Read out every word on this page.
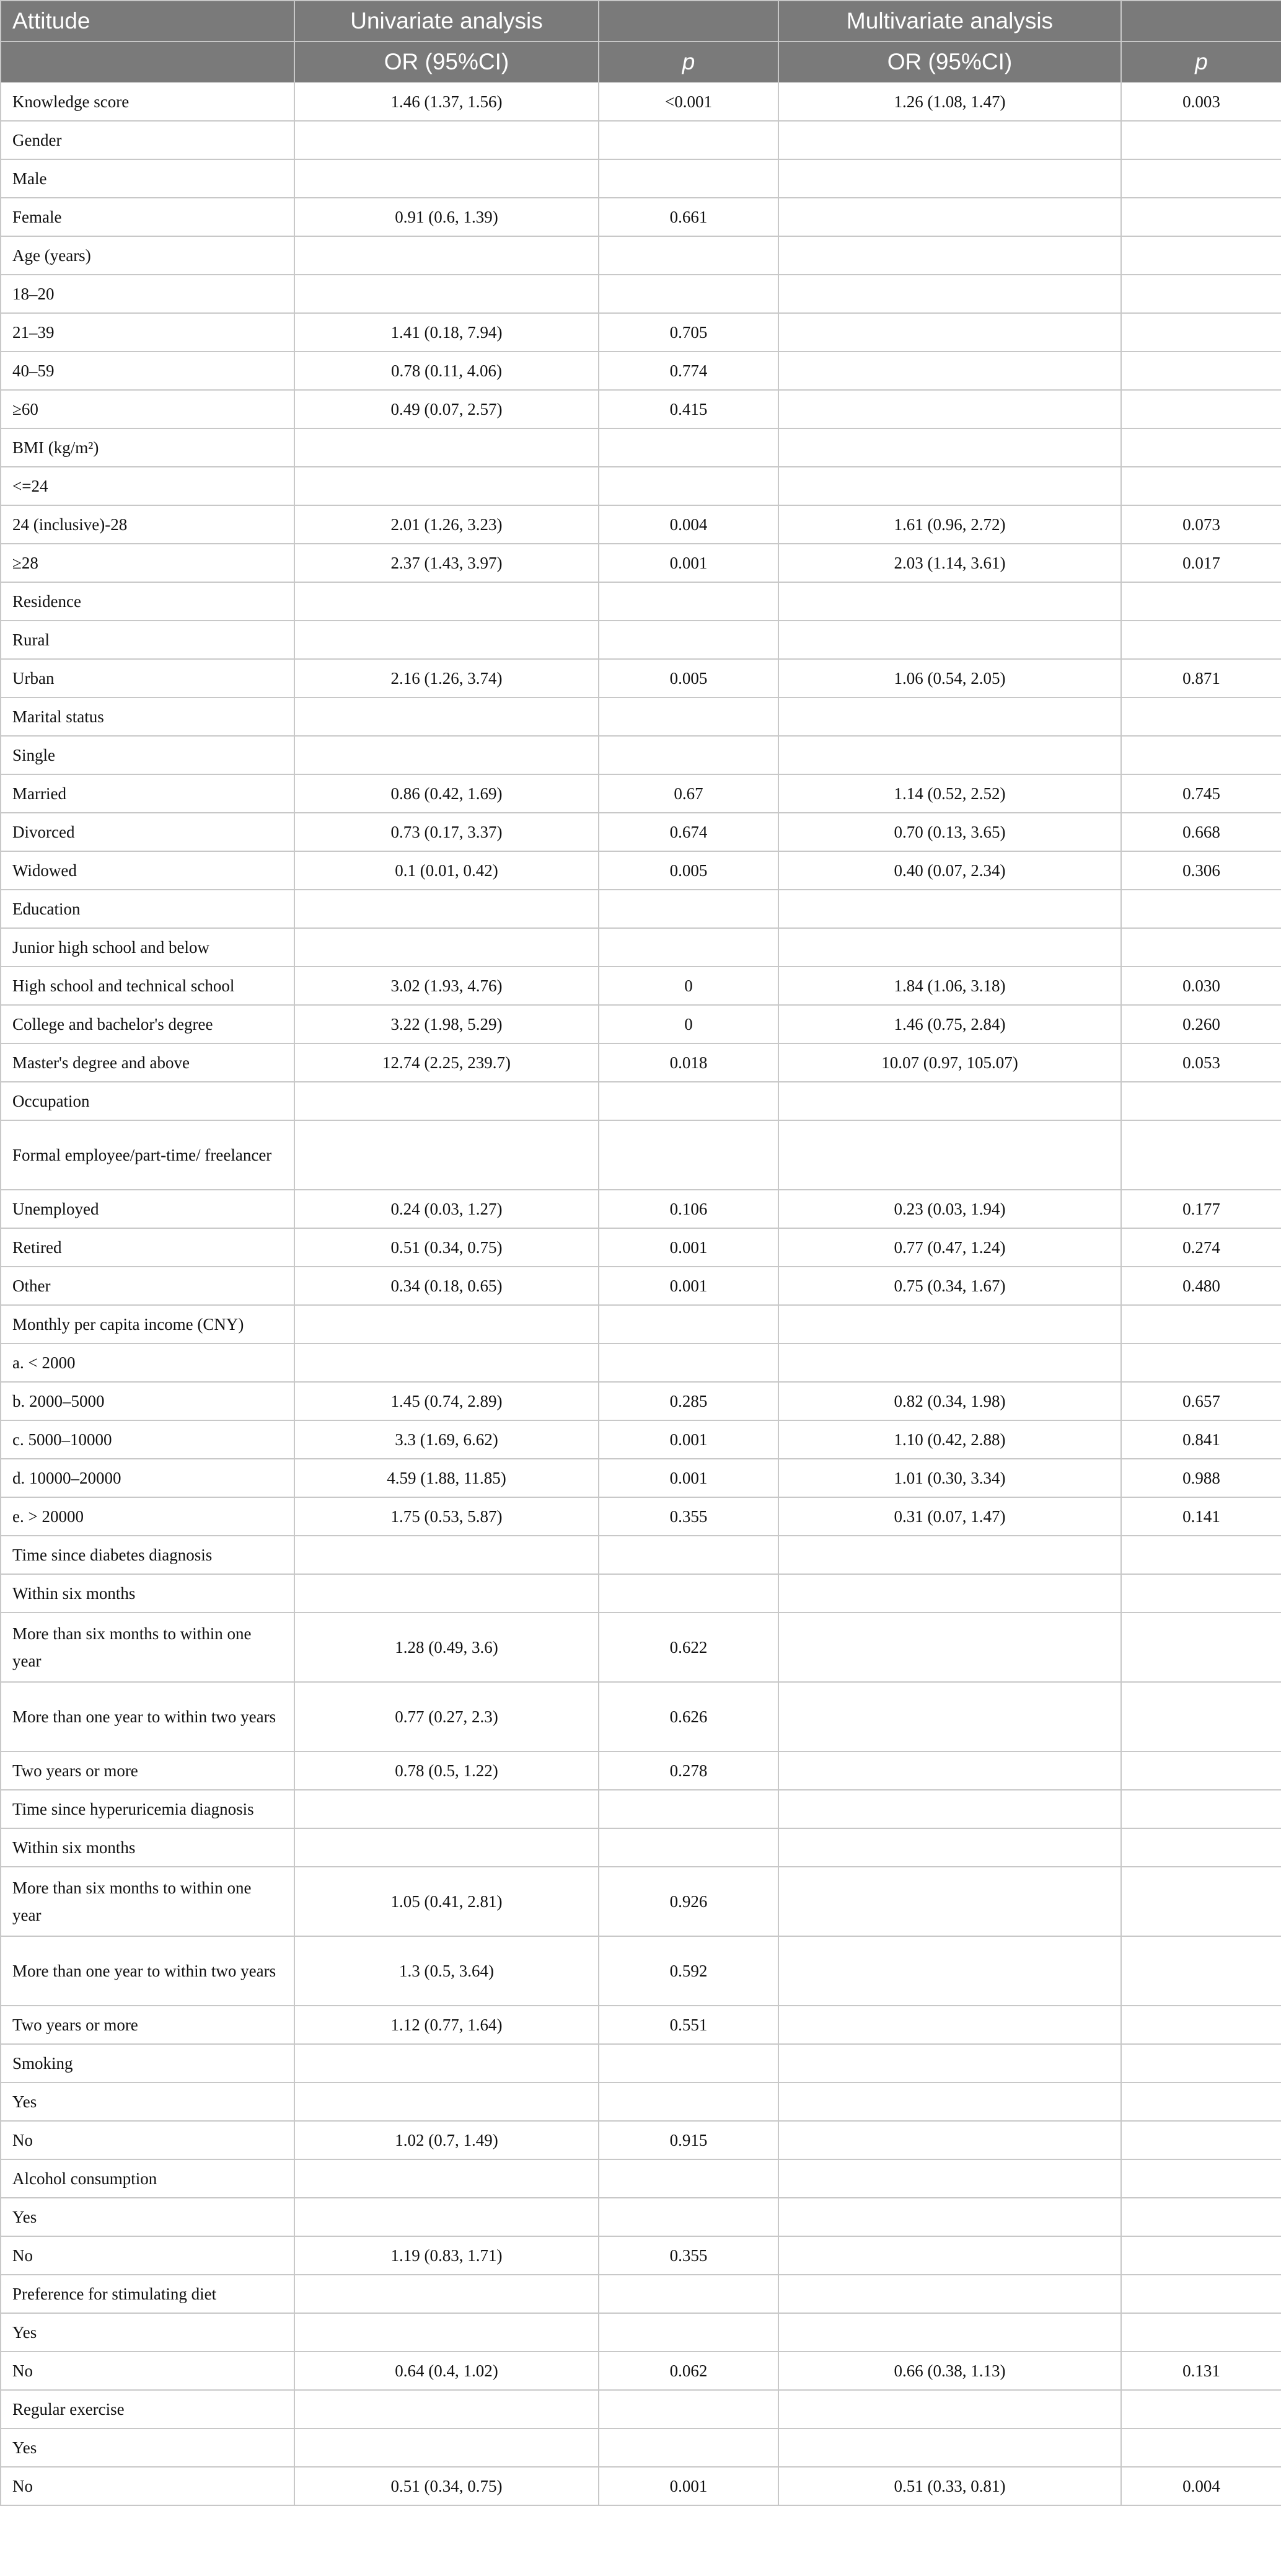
Attitude	Univariate analysis		Multivariate analysis	
	OR (95%CI)	p	OR (95%CI)	p
Knowledge score	1.46 (1.37, 1.56)	<0.001	1.26 (1.08, 1.47)	0.003
Gender				
Male				
Female	0.91 (0.6, 1.39)	0.661		
Age (years)				
18–20				
21–39	1.41 (0.18, 7.94)	0.705		
40–59	0.78 (0.11, 4.06)	0.774		
≥60	0.49 (0.07, 2.57)	0.415		
BMI (kg/m²)				
<=24				
24 (inclusive)-28	2.01 (1.26, 3.23)	0.004	1.61 (0.96, 2.72)	0.073
≥28	2.37 (1.43, 3.97)	0.001	2.03 (1.14, 3.61)	0.017
Residence				
Rural				
Urban	2.16 (1.26, 3.74)	0.005	1.06 (0.54, 2.05)	0.871
Marital status				
Single				
Married	0.86 (0.42, 1.69)	0.67	1.14 (0.52, 2.52)	0.745
Divorced	0.73 (0.17, 3.37)	0.674	0.70 (0.13, 3.65)	0.668
Widowed	0.1 (0.01, 0.42)	0.005	0.40 (0.07, 2.34)	0.306
Education				
Junior high school and below				
High school and technical school	3.02 (1.93, 4.76)	0	1.84 (1.06, 3.18)	0.030
College and bachelor's degree	3.22 (1.98, 5.29)	0	1.46 (0.75, 2.84)	0.260
Master's degree and above	12.74 (2.25, 239.7)	0.018	10.07 (0.97, 105.07)	0.053
Occupation				
Formal employee/part-time/ freelancer				
Unemployed	0.24 (0.03, 1.27)	0.106	0.23 (0.03, 1.94)	0.177
Retired	0.51 (0.34, 0.75)	0.001	0.77 (0.47, 1.24)	0.274
Other	0.34 (0.18, 0.65)	0.001	0.75 (0.34, 1.67)	0.480
Monthly per capita income (CNY)				
a. < 2000				
b. 2000–5000	1.45 (0.74, 2.89)	0.285	0.82 (0.34, 1.98)	0.657
c. 5000–10000	3.3 (1.69, 6.62)	0.001	1.10 (0.42, 2.88)	0.841
d. 10000–20000	4.59 (1.88, 11.85)	0.001	1.01 (0.30, 3.34)	0.988
e. > 20000	1.75 (0.53, 5.87)	0.355	0.31 (0.07, 1.47)	0.141
Time since diabetes diagnosis				
Within six months				
More than six months to within one year	1.28 (0.49, 3.6)	0.622		
More than one year to within two years	0.77 (0.27, 2.3)	0.626		
Two years or more	0.78 (0.5, 1.22)	0.278		
Time since hyperuricemia diagnosis				
Within six months				
More than six months to within one year	1.05 (0.41, 2.81)	0.926		
More than one year to within two years	1.3 (0.5, 3.64)	0.592		
Two years or more	1.12 (0.77, 1.64)	0.551		
Smoking				
Yes				
No	1.02 (0.7, 1.49)	0.915		
Alcohol consumption				
Yes				
No	1.19 (0.83, 1.71)	0.355		
Preference for stimulating diet				
Yes				
No	0.64 (0.4, 1.02)	0.062	0.66 (0.38, 1.13)	0.131
Regular exercise				
Yes				
No	0.51 (0.34, 0.75)	0.001	0.51 (0.33, 0.81)	0.004
